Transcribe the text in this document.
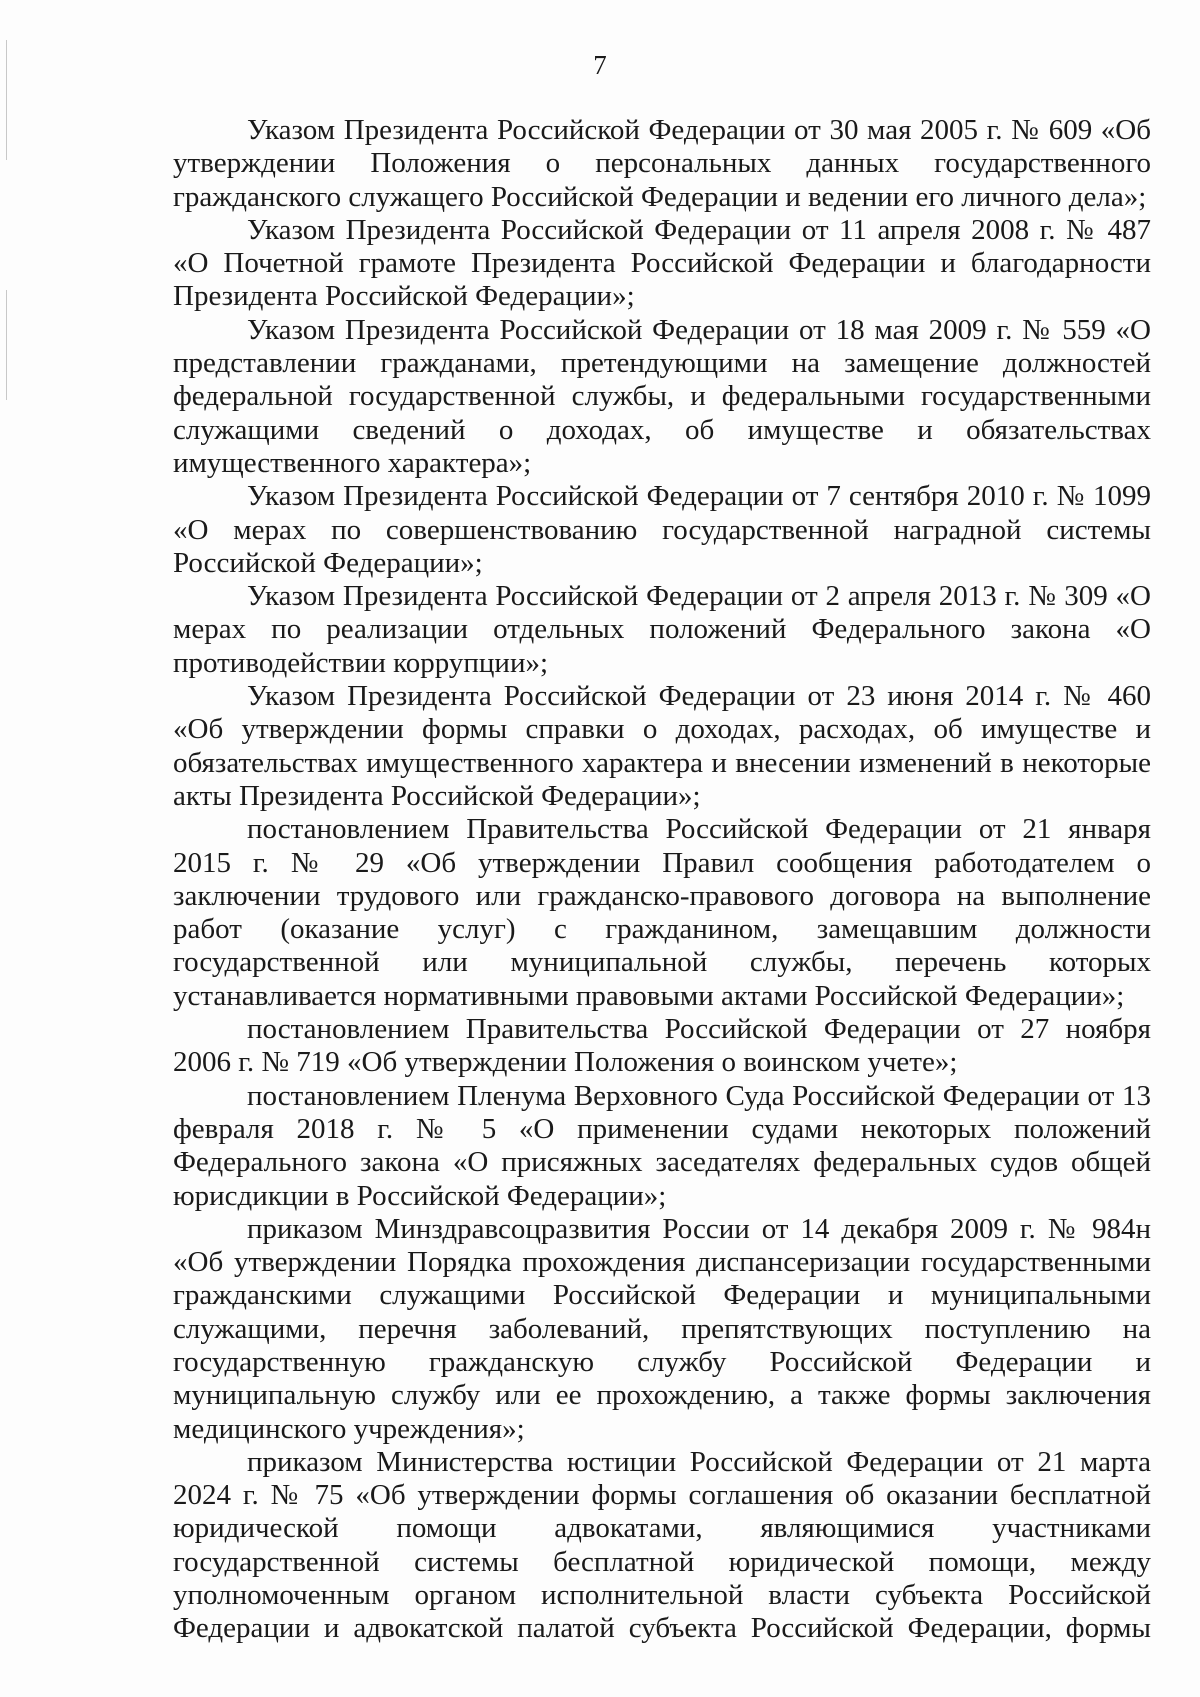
7

Указом Президента Российской Федерации от 30 мая 2005 г. № 609 «Об утверждении Положения о персональных данных государственного гражданского служащего Российской Федерации и ведении его личного дела»;

Указом Президента Российской Федерации от 11 апреля 2008 г. № 487 «О Почетной грамоте Президента Российской Федерации и благодарности Президента Российской Федерации»;

Указом Президента Российской Федерации от 18 мая 2009 г. № 559 «О представлении гражданами, претендующими на замещение должностей федеральной государственной службы, и федеральными государственными служащими сведений о доходах, об имуществе и обязательствах имущественного характера»;

Указом Президента Российской Федерации от 7 сентября 2010 г. № 1099 «О мерах по совершенствованию государственной наградной системы Российской Федерации»;

Указом Президента Российской Федерации от 2 апреля 2013 г. № 309 «О мерах по реализации отдельных положений Федерального закона «О противодействии коррупции»;

Указом Президента Российской Федерации от 23 июня 2014 г. № 460 «Об утверждении формы справки о доходах, расходах, об имуществе и обязательствах имущественного характера и внесении изменений в некоторые акты Президента Российской Федерации»;

постановлением Правительства Российской Федерации от 21 января 2015 г. № 29 «Об утверждении Правил сообщения работодателем о заключении трудового или гражданско-правового договора на выполнение работ (оказание услуг) с гражданином, замещавшим должности государственной или муниципальной службы, перечень которых устанавливается нормативными правовыми актами Российской Федерации»;

постановлением Правительства Российской Федерации от 27 ноября 2006 г. № 719 «Об утверждении Положения о воинском учете»;

постановлением Пленума Верховного Суда Российской Федерации от 13 февраля 2018 г. № 5 «О применении судами некоторых положений Федерального закона «О присяжных заседателях федеральных судов общей юрисдикции в Российской Федерации»;

приказом Минздравсоцразвития России от 14 декабря 2009 г. № 984н «Об утверждении Порядка прохождения диспансеризации государственными гражданскими служащими Российской Федерации и муниципальными служащими, перечня заболеваний, препятствующих поступлению на государственную гражданскую службу Российской Федерации и муниципальную службу или ее прохождению, а также формы заключения медицинского учреждения»;

приказом Министерства юстиции Российской Федерации от 21 марта 2024 г. № 75 «Об утверждении формы соглашения об оказании бесплатной юридической помощи адвокатами, являющимися участниками государственной системы бесплатной юридической помощи, между уполномоченным органом исполнительной власти субъекта Российской Федерации и адвокатской палатой субъекта Российской Федерации, формы
